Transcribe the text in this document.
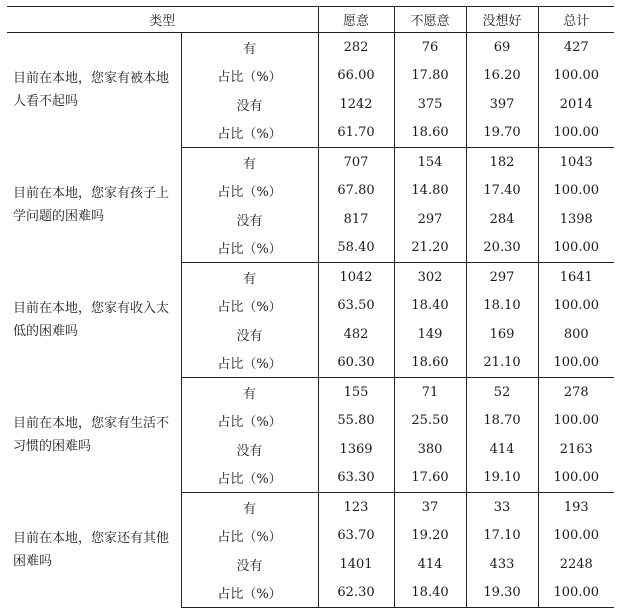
类型		愿意	不愿意	没想好	总计
目前在本地，您家有被本地人看不起吗	有	282	76	69	427
	占比（%）	66.00	17.80	16.20	100.00
	没有	1242	375	397	2014
	占比（%）	61.70	18.60	19.70	100.00
目前在本地，您家有孩子上学问题的困难吗	有	707	154	182	1043
	占比（%）	67.80	14.80	17.40	100.00
	没有	817	297	284	1398
	占比（%）	58.40	21.20	20.30	100.00
目前在本地，您家有收入太低的困难吗	有	1042	302	297	1641
	占比（%）	63.50	18.40	18.10	100.00
	没有	482	149	169	800
	占比（%）	60.30	18.60	21.10	100.00
目前在本地，您家有生活不习惯的困难吗	有	155	71	52	278
	占比（%）	55.80	25.50	18.70	100.00
	没有	1369	380	414	2163
	占比（%）	63.30	17.60	19.10	100.00
目前在本地，您家还有其他困难吗	有	123	37	33	193
	占比（%）	63.70	19.20	17.10	100.00
	没有	1401	414	433	2248
	占比（%）	62.30	18.40	19.30	100.00
